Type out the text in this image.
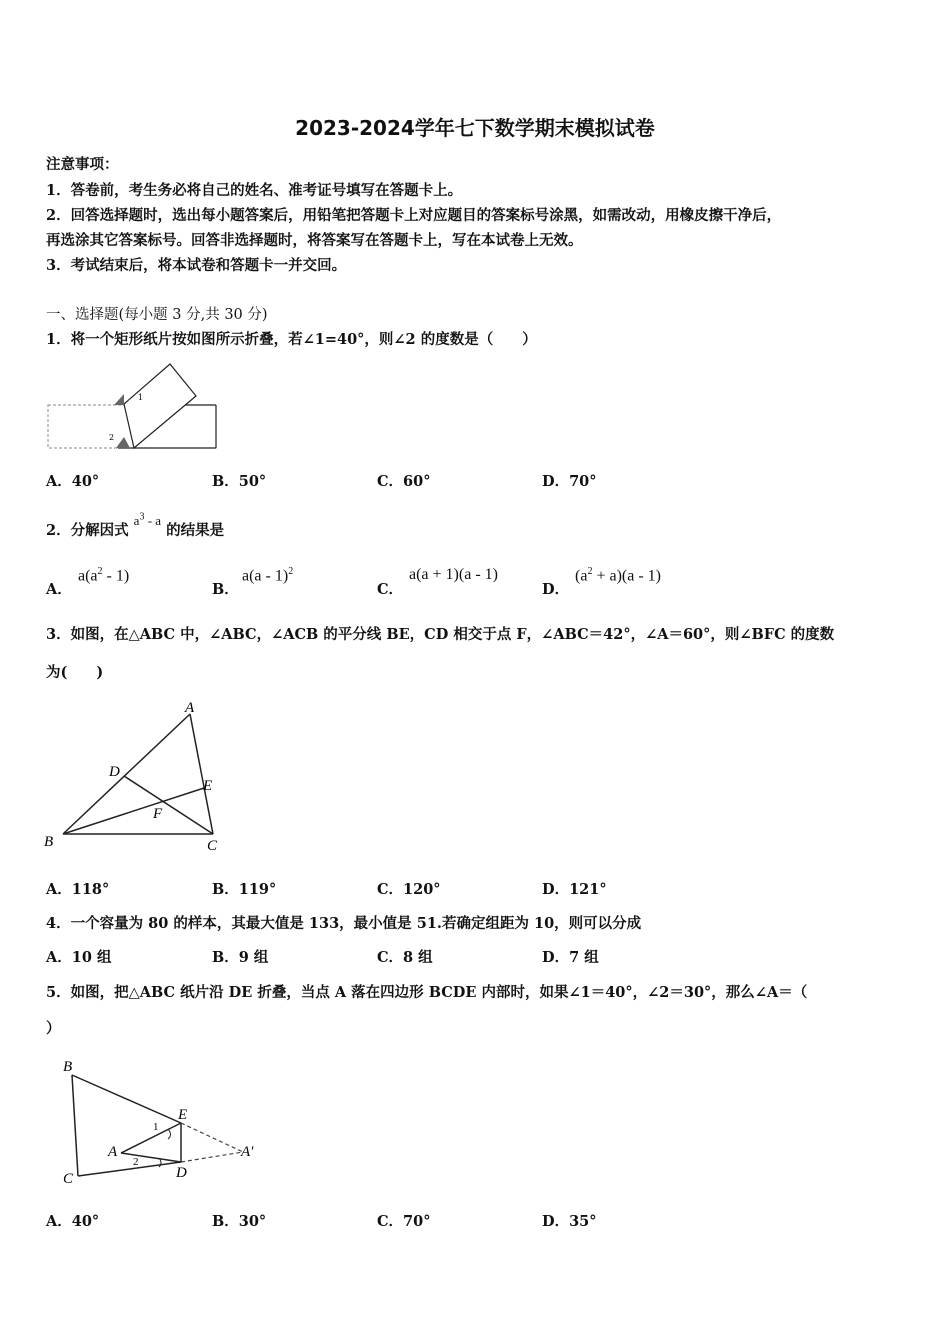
2023-2024学年七下数学期末模拟试卷
注意事项：
1．答卷前，考生务必将自己的姓名、准考证号填写在答题卡上。
2．回答选择题时，选出每小题答案后，用铅笔把答题卡上对应题目的答案标号涂黑，如需改动，用橡皮擦干净后，
再选涂其它答案标号。回答非选择题时，将答案写在答题卡上，写在本试卷上无效。
3．考试结束后，将本试卷和答题卡一并交回。
一、选择题(每小题 3 分,共 30 分)
1．将一个矩形纸片按如图所示折叠，若∠1=40°，则∠2 的度数是（　　）
1
2
A．40°	B．50°	C．60°	D．70°
2．分解因式 $a^3$ - a 的结果是
A．
$a(a^2 - 1)$
B．
a(a - 1)$^2$
C．
a(a + 1)(a - 1)
D．
$(a^2 + a)(a - 1)$
3．如图，在△ABC 中，∠ABC，∠ACB 的平分线 BE，CD 相交于点 F，∠ABC＝42°，∠A＝60°，则∠BFC 的度数
为(　　)
A
B	C
D
E
F
A．118°	B．119°	C．120°	D．121°
4．一个容量为 80 的样本，其最大值是 133，最小值是 51.若确定组距为 10，则可以分成
A．10 组	B．9 组	C．8 组	D．7 组
5．如图，把△ABC 纸片沿 DE 折叠，当点 A 落在四边形 BCDE 内部时，如果∠1＝40°，∠2＝30°，那么∠A＝（
）
B
C
E
D
A	A′
1
2
A．40°	B．30°	C．70°	D．35°
